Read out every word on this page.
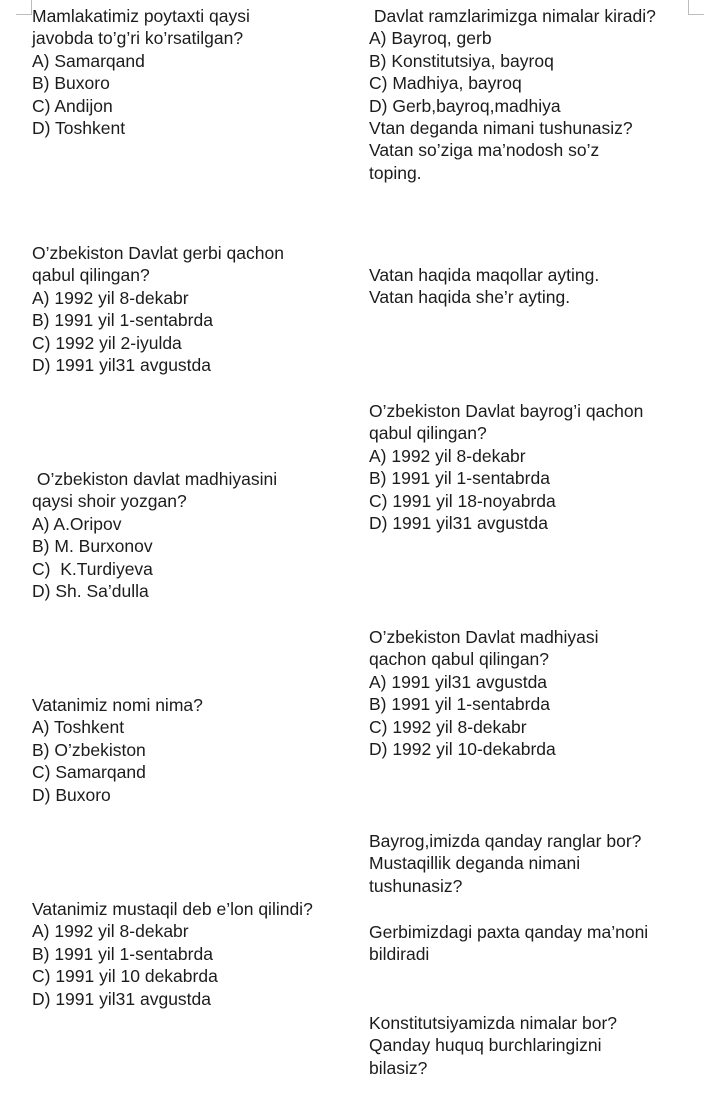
Mamlakatimiz poytaxti qaysi
javobda to’g’ri ko’rsatilgan?
A) Samarqand
B) Buxoro
C) Andijon
D) Toshkent
O’zbekiston Davlat gerbi qachon
qabul qilingan?
A) 1992 yil 8-dekabr
B) 1991 yil 1-sentabrda
C) 1992 yil 2-iyulda
D) 1991 yil31 avgustda
O’zbekiston davlat madhiyasini
qaysi shoir yozgan?
A) A.Oripov
B) M. Burxonov
C)  K.Turdiyeva
D) Sh. Sa’dulla
Vatanimiz nomi nima?
A) Toshkent
B) O’zbekiston
C) Samarqand
D) Buxoro
Vatanimiz mustaqil deb e’lon qilindi?
A) 1992 yil 8-dekabr
B) 1991 yil 1-sentabrda
C) 1991 yil 10 dekabrda
D) 1991 yil31 avgustda
Davlat ramzlarimizga nimalar kiradi?
A) Bayroq, gerb
B) Konstitutsiya, bayroq
C) Madhiya, bayroq
D) Gerb,bayroq,madhiya
Vtan deganda nimani tushunasiz?
Vatan so’ziga ma’nodosh so’z
toping.
Vatan haqida maqollar ayting.
Vatan haqida she’r ayting.
O’zbekiston Davlat bayrog’i qachon
qabul qilingan?
A) 1992 yil 8-dekabr
B) 1991 yil 1-sentabrda
C) 1991 yil 18-noyabrda
D) 1991 yil31 avgustda
O’zbekiston Davlat madhiyasi
qachon qabul qilingan?
A) 1991 yil31 avgustda
B) 1991 yil 1-sentabrda
C) 1992 yil 8-dekabr
D) 1992 yil 10-dekabrda
Bayrog,imizda qanday ranglar bor?
Mustaqillik deganda nimani
tushunasiz?
Gerbimizdagi paxta qanday ma’noni
bildiradi
Konstitutsiyamizda nimalar bor?
Qanday huquq burchlaringizni
bilasiz?
